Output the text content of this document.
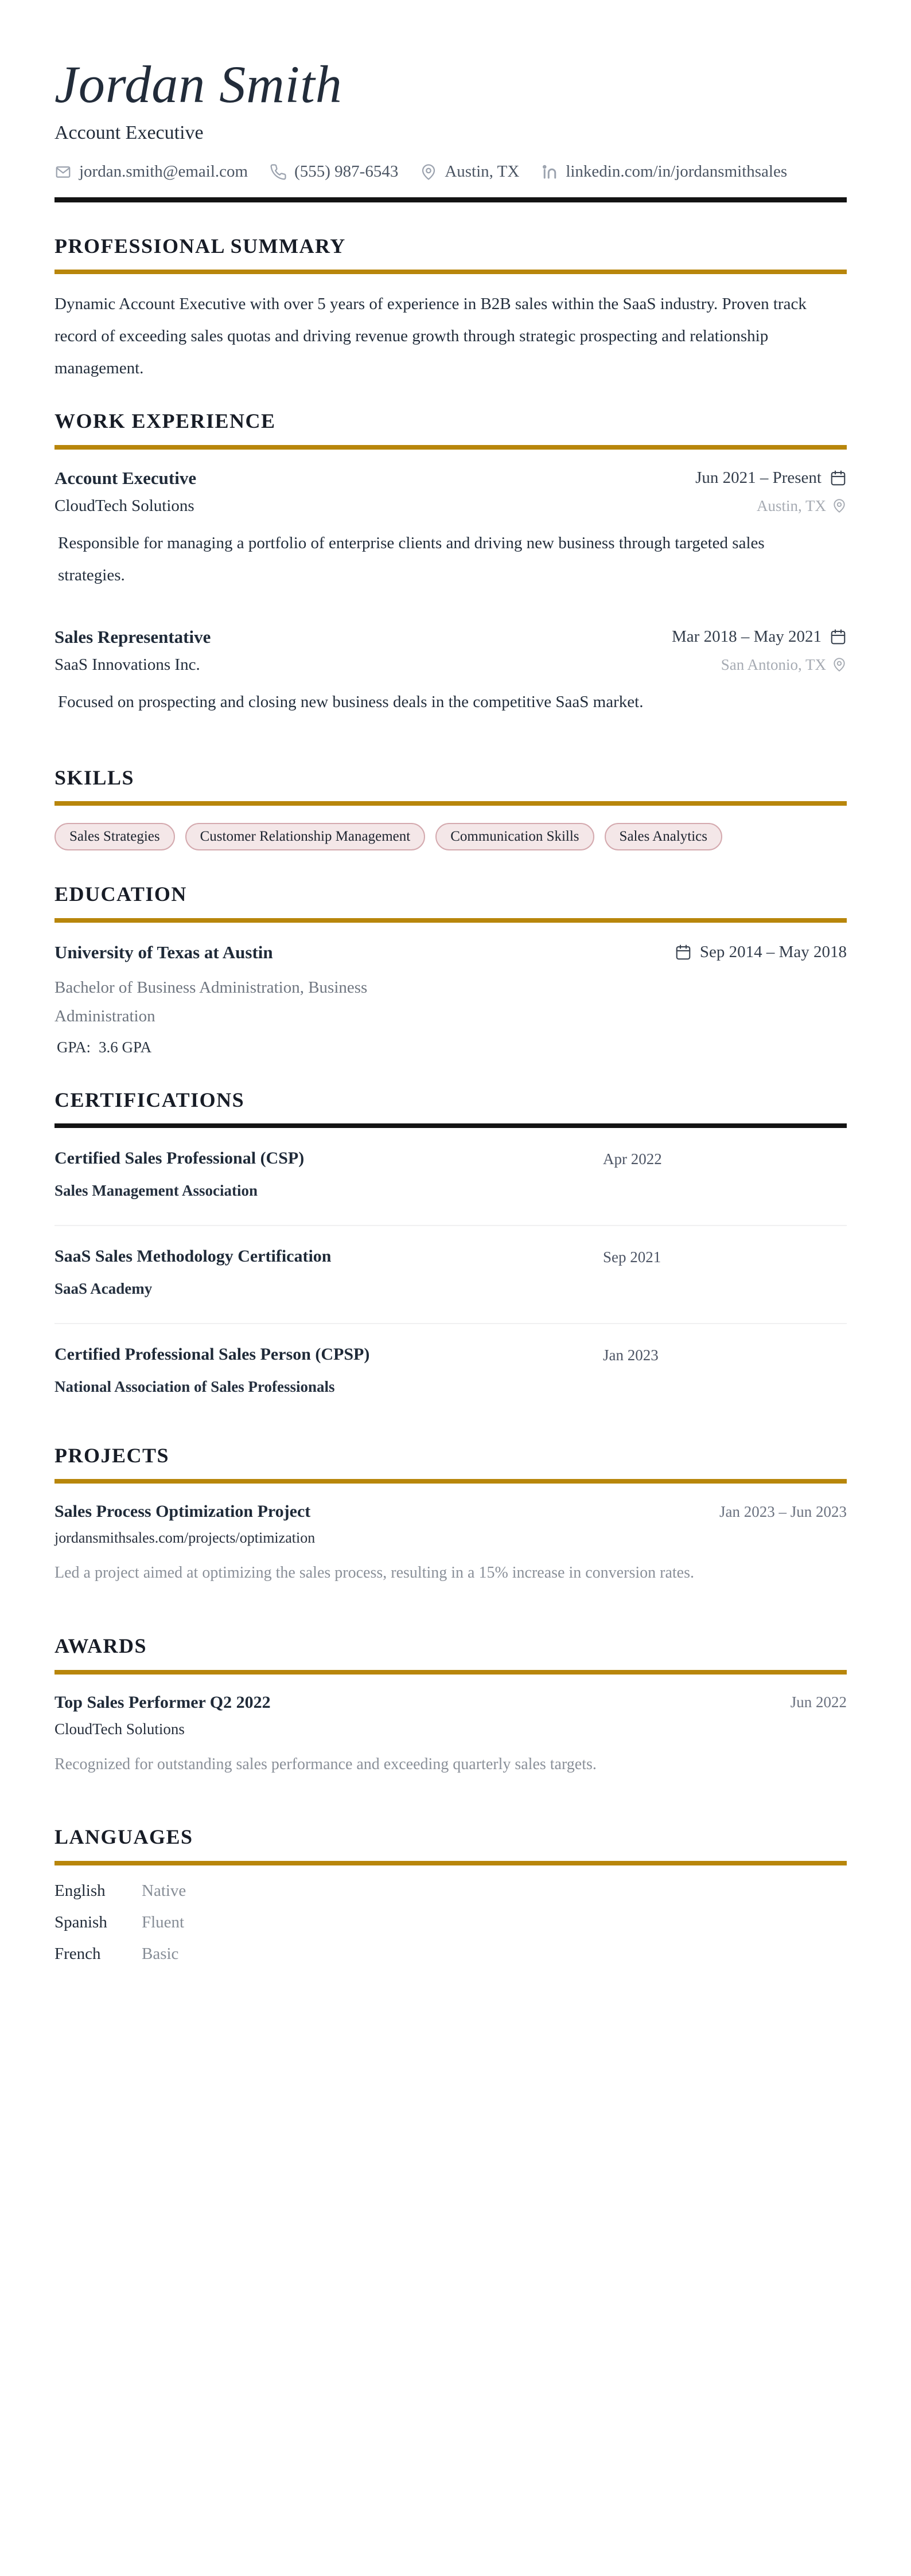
Jordan Smith
Account Executive
jordan.smith@email.com	(555) 987-6543	Austin, TX	linkedin.com/in/jordansmithsales
PROFESSIONAL SUMMARY
Dynamic Account Executive with over 5 years of experience in B2B sales within the SaaS industry. Proven track record of exceeding sales quotas and driving revenue growth through strategic prospecting and relationship management.
WORK EXPERIENCE
Account Executive	Jun 2021 – Present
CloudTech Solutions	Austin, TX
Responsible for managing a portfolio of enterprise clients and driving new business through targeted sales strategies.
Sales Representative	Mar 2018 – May 2021
SaaS Innovations Inc.	San Antonio, TX
Focused on prospecting and closing new business deals in the competitive SaaS market.
SKILLS
Sales Strategies	Customer Relationship Management	Communication Skills	Sales Analytics
EDUCATION
University of Texas at Austin	Sep 2014 – May 2018
Bachelor of Business Administration, Business Administration
GPA: 3.6 GPA
CERTIFICATIONS
Certified Sales Professional (CSP)	Apr 2022
Sales Management Association
SaaS Sales Methodology Certification	Sep 2021
SaaS Academy
Certified Professional Sales Person (CPSP)	Jan 2023
National Association of Sales Professionals
PROJECTS
Sales Process Optimization Project	Jan 2023 – Jun 2023
jordansmithsales.com/projects/optimization
Led a project aimed at optimizing the sales process, resulting in a 15% increase in conversion rates.
AWARDS
Top Sales Performer Q2 2022	Jun 2022
CloudTech Solutions
Recognized for outstanding sales performance and exceeding quarterly sales targets.
LANGUAGES
English	Native
Spanish	Fluent
French	Basic
